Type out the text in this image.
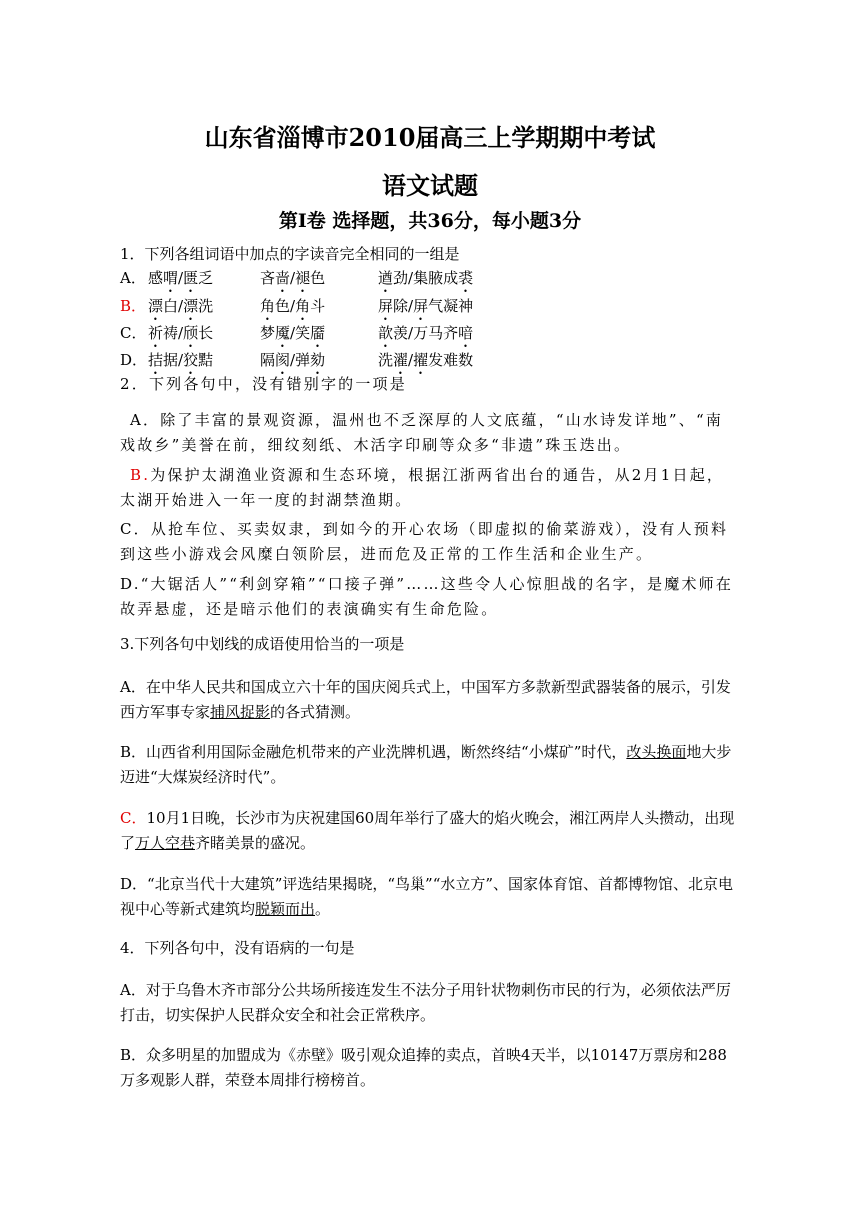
山东省淄博市2010届高三上学期期中考试
语文试题
第Ⅰ卷 选择题，共36分，每小题3分
1．下列各组词语中加点的字读音完全相同的一组是
A． 感喟/匮乏	吝啬/褪色	遒劲/集腋成裘
B． 漂白/漂洗	角色/角斗	屏除/屏气凝神
C． 祈祷/颀长	梦魇/笑靥	歆羡/万马齐喑
D． 拮据/狡黠	隔阂/弹劾	洗濯/擢发难数
2．下列各句中，没有错别字的一项是
A．除了丰富的景观资源，温州也不乏深厚的人文底蕴，“山水诗发详地”、“南戏故乡”美誉在前，细纹刻纸、木活字印刷等众多“非遗”珠玉迭出。
B.为保护太湖渔业资源和生态环境，根据江浙两省出台的通告，从2月1日起，太湖开始进入一年一度的封湖禁渔期。
C．从抢车位、买卖奴隶，到如今的开心农场（即虚拟的偷菜游戏），没有人预料到这些小游戏会风糜白领阶层，进而危及正常的工作生活和企业生产。
D.“大锯活人”“利剑穿箱”“口接子弹”……这些令人心惊胆战的名字，是魔术师在故弄悬虚，还是暗示他们的表演确实有生命危险。
3.下列各句中划线的成语使用恰当的一项是
A．在中华人民共和国成立六十年的国庆阅兵式上，中国军方多款新型武器装备的展示，引发西方军事专家捕风捉影的各式猜测。
B．山西省利用国际金融危机带来的产业洗牌机遇，断然终结“小煤矿”时代，改头换面地大步迈进“大煤炭经济时代”。
C．10月1日晚，长沙市为庆祝建国60周年举行了盛大的焰火晚会，湘江两岸人头攒动，出现了万人空巷齐睹美景的盛况。
D．“北京当代十大建筑”评选结果揭晓，“鸟巢”“水立方”、国家体育馆、首都博物馆、北京电视中心等新式建筑均脱颖而出。
4．下列各句中，没有语病的一句是
A．对于乌鲁木齐市部分公共场所接连发生不法分子用针状物刺伤市民的行为，必须依法严厉打击，切实保护人民群众安全和社会正常秩序。
B．众多明星的加盟成为《赤壁》吸引观众追捧的卖点，首映4天半，以10147万票房和288万多观影人群，荣登本周排行榜榜首。
